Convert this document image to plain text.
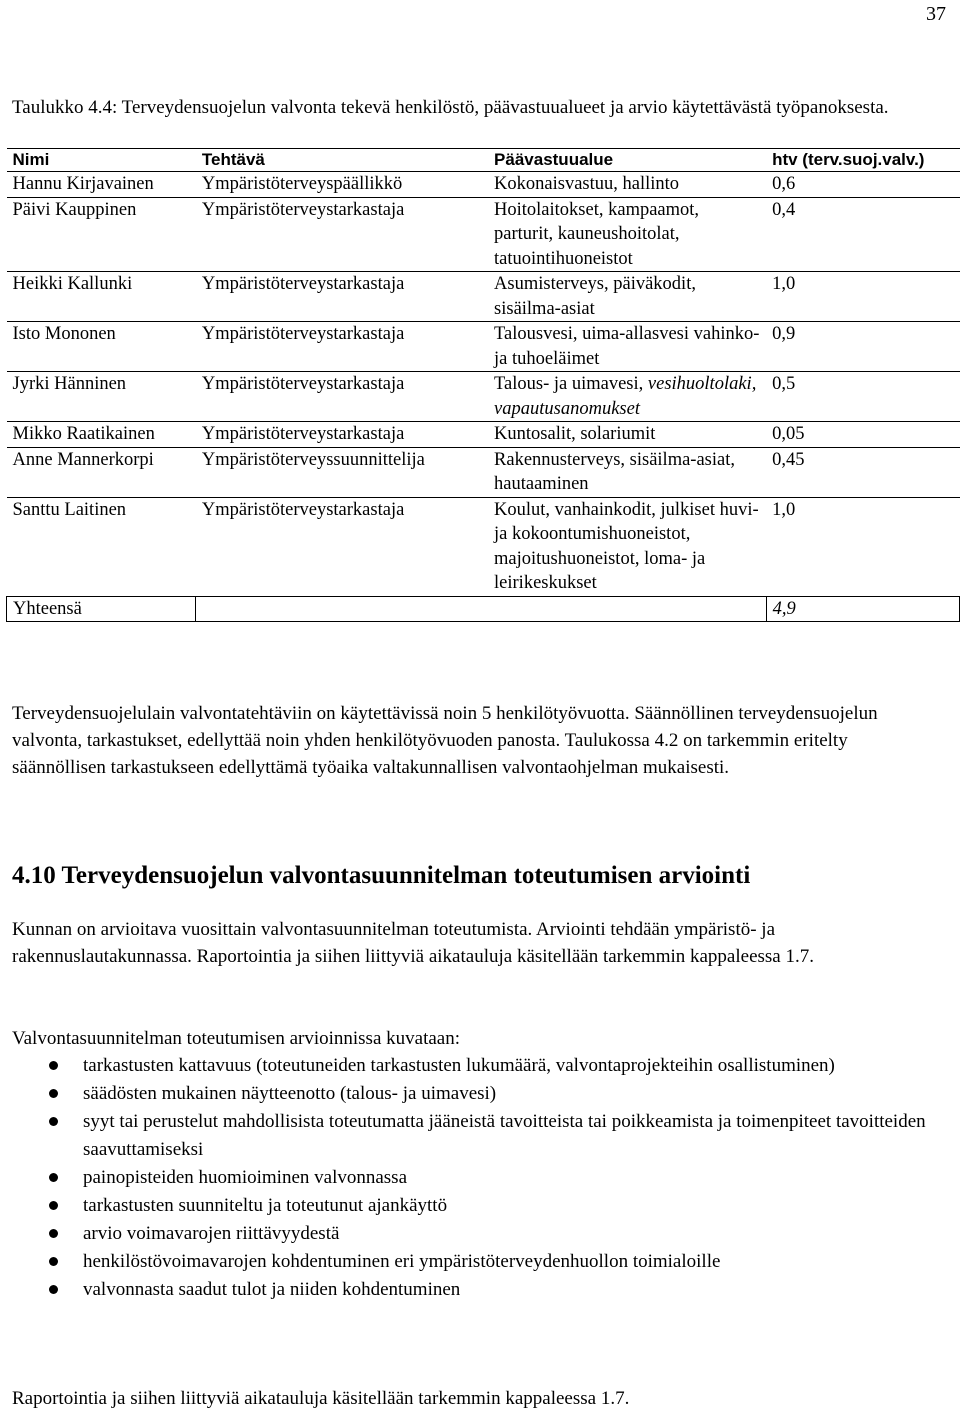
37
Taulukko 4.4: Terveydensuojelun valvonta tekevä henkilöstö, päävastuualueet ja arvio käytettävästä työpanoksesta.
Nimi	Tehtävä	Päävastuualue	htv (terv.suoj.valv.)
Hannu Kirjavainen	Ympäristöterveyspäällikkö	Kokonaisvastuu, hallinto	0,6
Päivi Kauppinen	Ympäristöterveystarkastaja	Hoitolaitokset, kampaamot, parturit, kauneushoitolat, tatuointihuoneistot	0,4
Heikki Kallunki	Ympäristöterveystarkastaja	Asumisterveys, päiväkodit, sisäilma-asiat	1,0
Isto Mononen	Ympäristöterveystarkastaja	Talousvesi, uima-allasvesi vahinko- ja tuhoeläimet	0,9
Jyrki Hänninen	Ympäristöterveystarkastaja	Talous- ja uimavesi, vesihuoltolaki, vapautusanomukset	0,5
Mikko Raatikainen	Ympäristöterveystarkastaja	Kuntosalit, solariumit	0,05
Anne Mannerkorpi	Ympäristöterveyssuunnittelija	Rakennusterveys, sisäilma-asiat, hautaaminen	0,45
Santtu Laitinen	Ympäristöterveystarkastaja	Koulut, vanhainkodit, julkiset huvi- ja kokoontumishuoneistot, majoitushuoneistot, loma- ja leirikeskukset	1,0
Yhteensä			4,9
Terveydensuojelulain valvontatehtäviin on käytettävissä noin 5 henkilötyövuotta. Säännöllinen terveydensuojelun valvonta, tarkastukset, edellyttää noin yhden henkilötyövuoden panosta. Taulukossa 4.2 on tarkemmin eritelty säännöllisen tarkastukseen edellyttämä työaika valtakunnallisen valvontaohjelman mukaisesti.
4.10 Terveydensuojelun valvontasuunnitelman toteutumisen arviointi
Kunnan on arvioitava vuosittain valvontasuunnitelman toteutumista. Arviointi tehdään ympäristö- ja rakennuslautakunnassa. Raportointia ja siihen liittyviä aikatauluja käsitellään tarkemmin kappaleessa 1.7.
Valvontasuunnitelman toteutumisen arvioinnissa kuvataan:
tarkastusten kattavuus (toteutuneiden tarkastusten lukumäärä, valvontaprojekteihin osallistuminen)
säädösten mukainen näytteenotto (talous- ja uimavesi)
syyt tai perustelut mahdollisista toteutumatta jääneistä tavoitteista tai poikkeamista ja toimenpiteet tavoitteiden saavuttamiseksi
painopisteiden huomioiminen valvonnassa
tarkastusten suunniteltu ja toteutunut ajankäyttö
arvio voimavarojen riittävyydestä
henkilöstövoimavarojen kohdentuminen eri ympäristöterveydenhuollon toimialoille
valvonnasta saadut tulot ja niiden kohdentuminen
Raportointia ja siihen liittyviä aikatauluja käsitellään tarkemmin kappaleessa 1.7.
